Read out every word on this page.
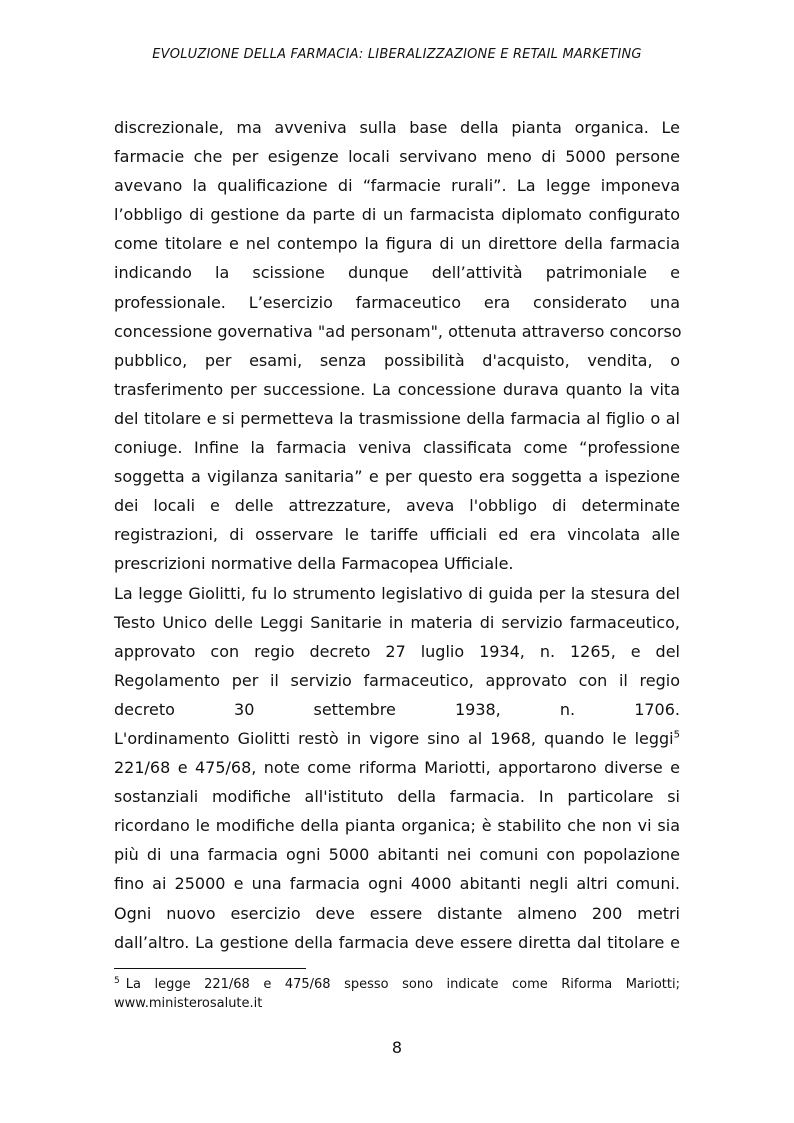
EVOLUZIONE DELLA FARMACIA: LIBERALIZZAZIONE E RETAIL MARKETING
discrezionale, ma avveniva sulla base della pianta organica. Le
farmacie che per esigenze locali servivano meno di 5000 persone
avevano la qualificazione di “farmacie rurali”. La legge imponeva
l’obbligo di gestione da parte di un farmacista diplomato configurato
come titolare e nel contempo la figura di un direttore della farmacia
indicando la scissione dunque dell’attività patrimoniale e
professionale. L’esercizio farmaceutico era considerato una
concessione governativa "ad personam", ottenuta attraverso concorso
pubblico, per esami, senza possibilità d'acquisto, vendita, o
trasferimento per successione. La concessione durava quanto la vita
del titolare e si permetteva la trasmissione della farmacia al figlio o al
coniuge. Infine la farmacia veniva classificata come “professione
soggetta a vigilanza sanitaria” e per questo era soggetta a ispezione
dei locali e delle attrezzature, aveva l'obbligo di determinate
registrazioni, di osservare le tariffe ufficiali ed era vincolata alle
prescrizioni normative della Farmacopea Ufficiale.
La legge Giolitti, fu lo strumento legislativo di guida per la stesura del
Testo Unico delle Leggi Sanitarie in materia di servizio farmaceutico,
approvato con regio decreto 27 luglio 1934, n. 1265, e del
Regolamento per il servizio farmaceutico, approvato con il regio
decreto 30 settembre 1938, n. 1706.
L'ordinamento Giolitti restò in vigore sino al 1968, quando le leggi$^5$
221/68 e 475/68, note come riforma Mariotti, apportarono diverse e
sostanziali modifiche all'istituto della farmacia. In particolare si
ricordano le modifiche della pianta organica; è stabilito che non vi sia
più di una farmacia ogni 5000 abitanti nei comuni con popolazione
fino ai 25000 e una farmacia ogni 4000 abitanti negli altri comuni.
Ogni nuovo esercizio deve essere distante almeno 200 metri
dall’altro. La gestione della farmacia deve essere diretta dal titolare e
$^5$ La legge 221/68 e 475/68 spesso sono indicate come Riforma Mariotti;
www.ministerosalute.it
8
